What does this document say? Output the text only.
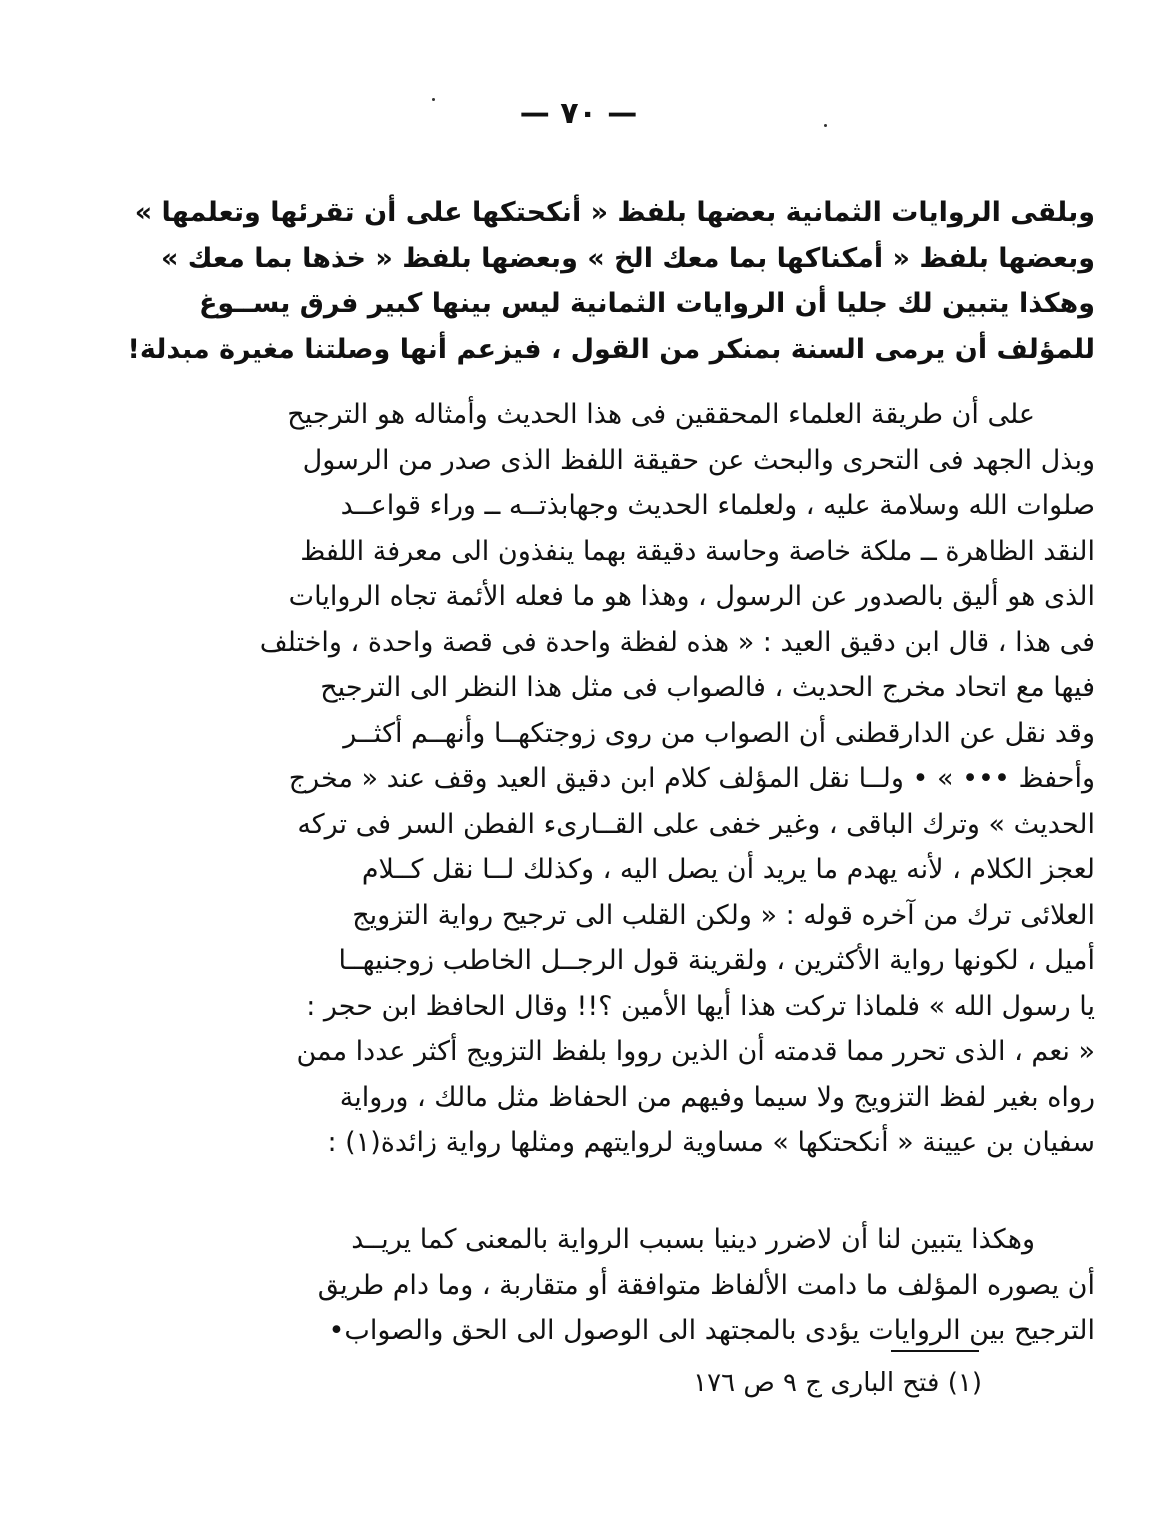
— ٧٠ —
وبلقى الروايات الثمانية بعضها بلفظ « أنكحتكها على أن تقرئها وتعلمها »
وبعضها بلفظ « أمكناكها بما معك الخ » وبعضها بلفظ « خذها بما معك »
وهكذا يتبين لك جليا أن الروايات الثمانية ليس بينها كبير فرق يســوغ
للمؤلف أن يرمى السنة بمنكر من القول ، فيزعم أنها وصلتنا مغيرة مبدلة!
على أن طريقة العلماء المحققين فى هذا الحديث وأمثاله هو الترجيح
وبذل الجهد فى التحرى والبحث عن حقيقة اللفظ الذى صدر من الرسول
صلوات الله وسلامة عليه ، ولعلماء الحديث وجهابذتــه ــ وراء قواعــد
النقد الظاهرة ــ ملكة خاصة وحاسة دقيقة بهما ينفذون الى معرفة اللفظ
الذى هو أليق بالصدور عن الرسول ، وهذا هو ما فعله الأئمة تجاه الروايات
فى هذا ، قال ابن دقيق العيد : « هذه لفظة واحدة فى قصة واحدة ، واختلف
فيها مع اتحاد مخرج الحديث ، فالصواب فى مثل هذا النظر الى الترجيح
وقد نقل عن الدارقطنى أن الصواب من روى زوجتكهــا وأنهــم أكثــر
وأحفظ ••• » • ولــا نقل المؤلف كلام ابن دقيق العيد وقف عند « مخرج
الحديث » وترك الباقى ، وغير خفى على القــارىء الفطن السر فى تركه
لعجز الكلام ، لأنه يهدم ما يريد أن يصل اليه ، وكذلك لــا نقل كــلام
العلائى ترك من آخره قوله : « ولكن القلب الى ترجيح رواية التزويج
أميل ، لكونها رواية الأكثرين ، ولقرينة قول الرجــل الخاطب زوجنيهــا
يا رسول الله » فلماذا تركت هذا أيها الأمين ؟!! وقال الحافظ ابن حجر :
« نعم ، الذى تحرر مما قدمته أن الذين رووا بلفظ التزويج أكثر عددا ممن
رواه بغير لفظ التزويج ولا سيما وفيهم من الحفاظ مثل مالك ، ورواية
سفيان بن عيينة « أنكحتكها » مساوية لروايتهم ومثلها رواية زائدة(١) :
وهكذا يتبين لنا أن لاضرر دينيا بسبب الرواية بالمعنى كما يريــد
أن يصوره المؤلف ما دامت الألفاظ متوافقة أو متقاربة ، وما دام طريق
الترجيح بين الروايات يؤدى بالمجتهد الى الوصول الى الحق والصواب•
(١) فتح البارى ج ٩ ص ١٧٦
